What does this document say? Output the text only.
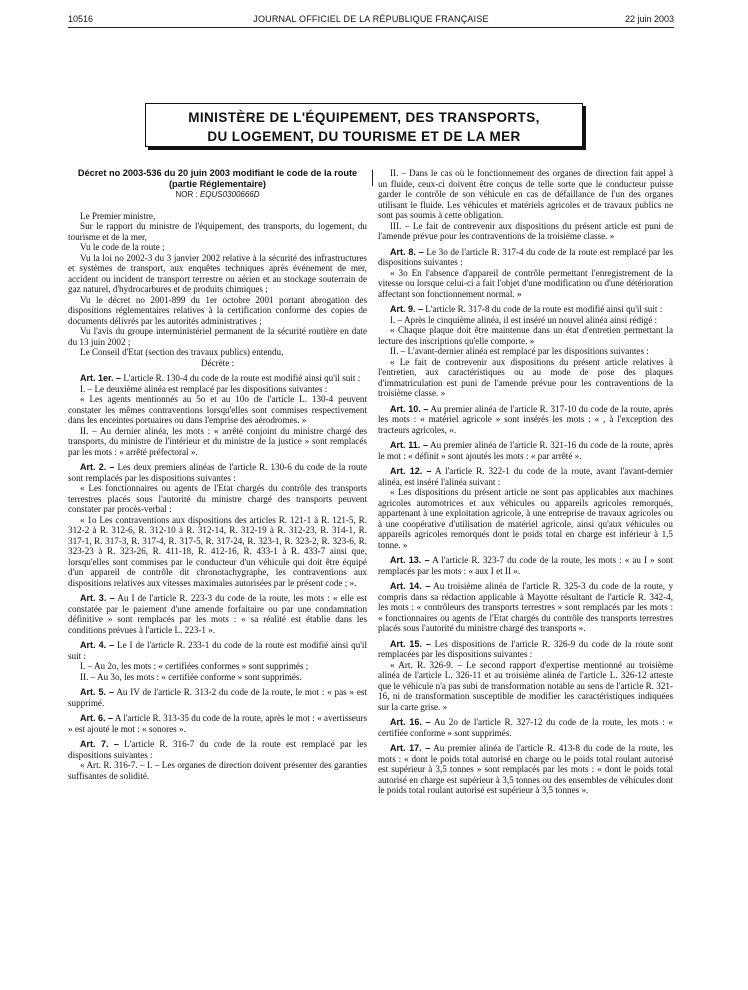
10516	JOURNAL OFFICIEL DE LA RÉPUBLIQUE FRANÇAISE	22 juin 2003
MINISTÈRE DE L'ÉQUIPEMENT, DES TRANSPORTS,
DU LOGEMENT, DU TOURISME ET DE LA MER

Décret no 2003-536 du 20 juin 2003 modifiant le code de la route (partie Réglementaire)

NOR : EQUS0300666D

Le Premier ministre,

Sur le rapport du ministre de l'équipement, des transports, du logement, du tourisme et de la mer,

Vu le code de la route ;

Vu la loi no 2002-3 du 3 janvier 2002 relative à la sécurité des infrastructures et systèmes de transport, aux enquêtes techniques après événement de mer, accident ou incident de transport terrestre ou aérien et au stockage souterrain de gaz naturel, d'hydrocarbures et de produits chimiques ;

Vu le décret no 2001-899 du 1er octobre 2001 portant abrogation des dispositions réglementaires relatives à la certification conforme des copies de documents délivrés par les autorités administratives ;

Vu l'avis du groupe interministériel permanent de la sécurité routière en date du 13 juin 2002 ;

Le Conseil d'Etat (section des travaux publics) entendu,

Décrète :

Art. 1er. – L'article R. 130-4 du code de la route est modifié ainsi qu'il suit :

I. – Le deuxième alinéa est remplacé par les dispositions suivantes :

« Les agents mentionnés au 5o et au 10o de l'article L. 130-4 peuvent constater les mêmes contraventions lorsqu'elles sont commises respectivement dans les enceintes portuaires ou dans l'emprise des aérodromes. »

II. – Au dernier alinéa, les mots : « arrêté conjoint du ministre chargé des transports, du ministre de l'intérieur et du ministre de la justice » sont remplacés par les mots : « arrêté préfectoral ».

Art. 2. – Les deux premiers alinéas de l'article R. 130-6 du code de la route sont remplacés par les dispositions suivantes :

« Les fonctionnaires ou agents de l'Etat chargés du contrôle des transports terrestres placés sous l'autorité du ministre chargé des transports peuvent constater par procès-verbal :

« 1o Les contraventions aux dispositions des articles R. 121-1 à R. 121-5, R. 312-2 à R. 312-6, R. 312-10 à R. 312-14, R. 312-19 à R. 312-23, R. 314-1, R. 317-1, R. 317-3, R. 317-4, R. 317-5, R. 317-24, R. 323-1, R. 323-2, R. 323-6, R. 323-23 à R. 323-26, R. 411-18, R. 412-16, R. 433-1 à R. 433-7 ainsi que, lorsqu'elles sont commises par le conducteur d'un véhicule qui doit être équipé d'un appareil de contrôle dit chronotachygraphe, les contraventions aux dispositions relatives aux vitesses maximales autorisées par le présent code ; ».

Art. 3. – Au I de l'article R. 223-3 du code de la route, les mots : « elle est constatée par le paiement d'une amende forfaitaire ou par une condamnation définitive » sont remplacés par les mots : « sa réalité est établie dans les conditions prévues à l'article L. 223-1 ».

Art. 4. – Le I de l'article R. 233-1 du code de la route est modifié ainsi qu'il suit :

I. – Au 2o, les mots : « certifiées conformes » sont supprimés ;

II. – Au 3o, les mots : « certifiée conforme » sont supprimés.

Art. 5. – Au IV de l'article R. 313-2 du code de la route, le mot : « pas » est supprimé.

Art. 6. – A l'article R. 313-35 du code de la route, après le mot : « avertisseurs » est ajouté le mot : « sonores ».

Art. 7. – L'article R. 316-7 du code de la route est remplacé par les dispositions suivantes :

« Art. R. 316-7. – I. – Les organes de direction doivent présenter des garanties suffisantes de solidité.

II. – Dans le cas où le fonctionnement des organes de direction fait appel à un fluide, ceux-ci doivent être conçus de telle sorte que le conducteur puisse garder le contrôle de son véhicule en cas de défaillance de l'un des organes utilisant le fluide. Les véhicules et matériels agricoles et de travaux publics ne sont pas soumis à cette obligation.

III. – Le fait de contrevenir aux dispositions du présent article est puni de l'amende prévue pour les contraventions de la troisième classe. »

Art. 8. – Le 3o de l'article R. 317-4 du code de la route est remplacé par les dispositions suivantes :

« 3o En l'absence d'appareil de contrôle permettant l'enregistrement de la vitesse ou lorsque celui-ci a fait l'objet d'une modification ou d'une détérioration affectant son fonctionnement normal. »

Art. 9. – L'article R. 317-8 du code de la route est modifié ainsi qu'il suit :

I. – Après le cinquième alinéa, il est inséré un nouvel alinéa ainsi rédigé :

« Chaque plaque doit être maintenue dans un état d'entretien permettant la lecture des inscriptions qu'elle comporte. »

II. – L'avant-dernier alinéa est remplacé par les dispositions suivantes :

« Le fait de contrevenir aux dispositions du présent article relatives à l'entretien, aux caractéristiques ou au mode de pose des plaques d'immatriculation est puni de l'amende prévue pour les contraventions de la troisième classe. »

Art. 10. – Au premier alinéa de l'article R. 317-10 du code de la route, après les mots : « matériel agricole » sont insérés les mots : « , à l'exception des tracteurs agricoles, ».

Art. 11. – Au premier alinéa de l'article R. 321-16 du code de la route, après le mot : « définit » sont ajoutés les mots : « par arrêté ».

Art. 12. – A l'article R. 322-1 du code de la route, avant l'avant-dernier alinéa, est inséré l'alinéa suivant :

« Les dispositions du présent article ne sont pas applicables aux machines agricoles automotrices et aux véhicules ou appareils agricoles remorqués, appartenant à une exploitation agricole, à une entreprise de travaux agricoles ou à une coopérative d'utilisation de matériel agricole, ainsi qu'aux véhicules ou appareils agricoles remorqués dont le poids total en charge est inférieur à 1,5 tonne. »

Art. 13. – A l'article R. 323-7 du code de la route, les mots : « au I » sont remplacés par les mots : « aux I et II ».

Art. 14. – Au troisième alinéa de l'article R. 325-3 du code de la route, y compris dans sa rédaction applicable à Mayotte résultant de l'article R. 342-4, les mots : « contrôleurs des transports terrestres » sont remplacés par les mots : « fonctionnaires ou agents de l'Etat chargés du contrôle des transports terrestres placés sous l'autorité du ministre chargé des transports ».

Art. 15. – Les dispositions de l'article R. 326-9 du code de la route sont remplacées par les dispositions suivantes :

« Art. R. 326-9. – Le second rapport d'expertise mentionné au troisième alinéa de l'article L. 326-11 et au troisième alinéa de l'article L. 326-12 atteste que le véhicule n'a pas subi de transformation notable au sens de l'article R. 321-16, ni de transformation susceptible de modifier les caractéristiques indiquées sur la carte grise. »

Art. 16. – Au 2o de l'article R. 327-12 du code de la route, les mots : « certifiée conforme » sont supprimés.

Art. 17. – Au premier alinéa de l'article R. 413-8 du code de la route, les mots : « dont le poids total autorisé en charge ou le poids total roulant autorisé est supérieur à 3,5 tonnes » sont remplacés par les mots : « dont le poids total autorisé en charge est supérieur à 3,5 tonnes ou des ensembles de véhicules dont le poids total roulant autorisé est supérieur à 3,5 tonnes ».
